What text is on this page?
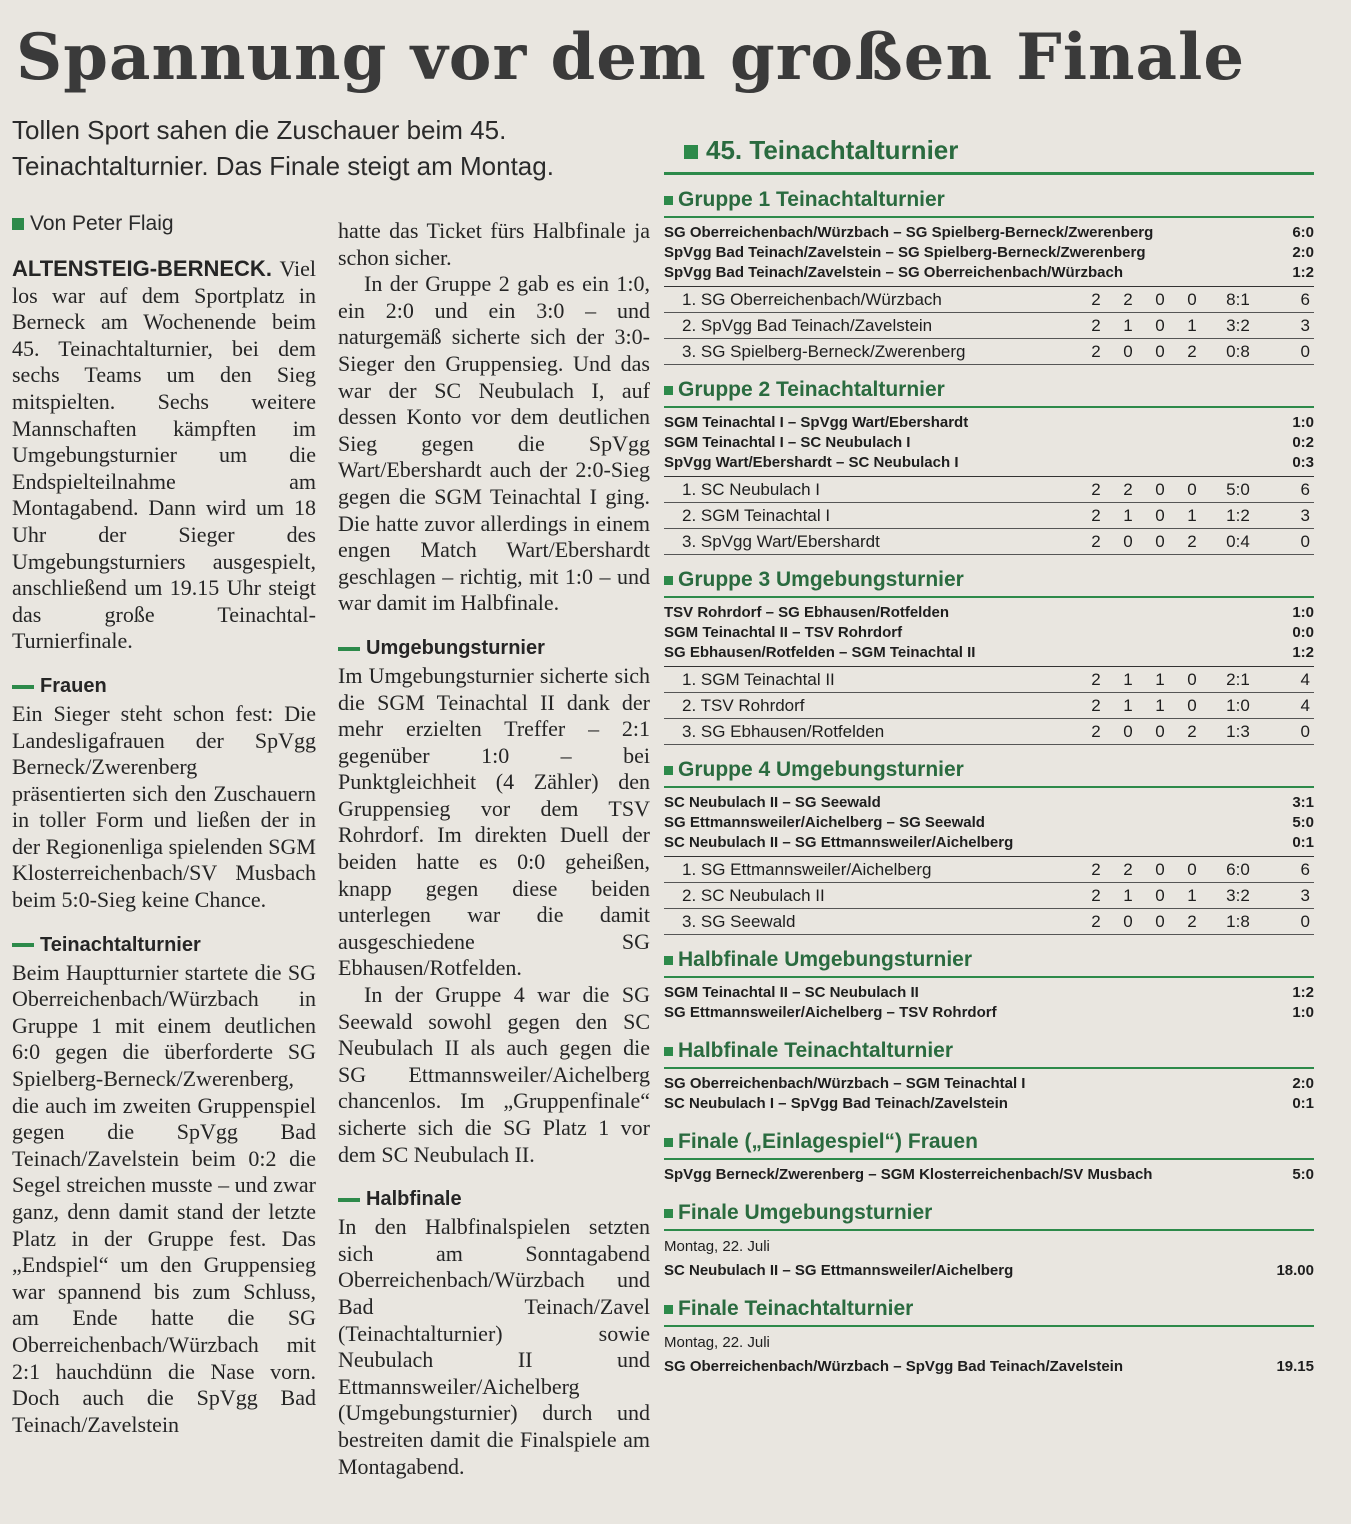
Spannung vor dem großen Finale
Tollen Sport sahen die Zuschauer beim 45. Teinachtalturnier. Das Finale steigt am Montag.
Von Peter Flaig

ALTENSTEIG-BERNECK. Viel los war auf dem Sportplatz in Berneck am Wochenende beim 45. Teinachtalturnier, bei dem sechs Teams um den Sieg mitspielten. Sechs weitere Mannschaften kämpften im Umgebungsturnier um die Endspielteilnahme am Montagabend. Dann wird um 18 Uhr der Sieger des Umgebungsturniers ausgespielt, anschließend um 19.15 Uhr steigt das große Teinachtal-Turnierfinale.

Frauen

Ein Sieger steht schon fest: Die Landesligafrauen der SpVgg Berneck/Zwerenberg präsentierten sich den Zuschauern in toller Form und ließen der in der Regionenliga spielenden SGM Klosterreichenbach/SV Musbach beim 5:0-Sieg keine Chance.

Teinachtalturnier

Beim Hauptturnier startete die SG Oberreichenbach/Würzbach in Gruppe 1 mit einem deutlichen 6:0 gegen die überforderte SG Spielberg-Berneck/Zwerenberg, die auch im zweiten Gruppenspiel gegen die SpVgg Bad Teinach/Zavelstein beim 0:2 die Segel streichen musste – und zwar ganz, denn damit stand der letzte Platz in der Gruppe fest. Das „Endspiel“ um den Gruppensieg war spannend bis zum Schluss, am Ende hatte die SG Oberreichenbach/Würzbach mit 2:1 hauchdünn die Nase vorn. Doch auch die SpVgg Bad Teinach/Zavelstein

hatte das Ticket fürs Halbfinale ja schon sicher.

In der Gruppe 2 gab es ein 1:0, ein 2:0 und ein 3:0 – und naturgemäß sicherte sich der 3:0-Sieger den Gruppensieg. Und das war der SC Neubulach I, auf dessen Konto vor dem deutlichen Sieg gegen die SpVgg Wart/Ebershardt auch der 2:0-Sieg gegen die SGM Teinachtal I ging. Die hatte zuvor allerdings in einem engen Match Wart/Ebershardt geschlagen – richtig, mit 1:0 – und war damit im Halbfinale.

Umgebungsturnier

Im Umgebungsturnier sicherte sich die SGM Teinachtal II dank der mehr erzielten Treffer – 2:1 gegenüber 1:0 – bei Punktgleichheit (4 Zähler) den Gruppensieg vor dem TSV Rohrdorf. Im direkten Duell der beiden hatte es 0:0 geheißen, knapp gegen diese beiden unterlegen war die damit ausgeschiedene SG Ebhausen/Rotfelden.

In der Gruppe 4 war die SG Seewald sowohl gegen den SC Neubulach II als auch gegen die SG Ettmannsweiler/Aichelberg chancenlos. Im „Gruppenfinale“ sicherte sich die SG Platz 1 vor dem SC Neubulach II.

Halbfinale

In den Halbfinalspielen setzten sich am Sonntagabend Oberreichenbach/Würzbach und Bad Teinach/Zavel (Teinachtalturnier) sowie Neubulach II und Ettmannsweiler/Aichelberg (Umgebungsturnier) durch und bestreiten damit die Finalspiele am Montagabend.

45. Teinachtalturnier
Gruppe 1 Teinachtalturnier
SG Oberreichenbach/Würzbach – SG Spielberg-Berneck/Zwerenberg	6:0
SpVgg Bad Teinach/Zavelstein – SG Spielberg-Berneck/Zwerenberg	2:0
SpVgg Bad Teinach/Zavelstein – SG Oberreichenbach/Würzbach	1:2
1. SG Oberreichenbach/Würzbach	2	2	0	0	8:1	6
2. SpVgg Bad Teinach/Zavelstein	2	1	0	1	3:2	3
3. SG Spielberg-Berneck/Zwerenberg	2	0	0	2	0:8	0
Gruppe 2 Teinachtalturnier
SGM Teinachtal I – SpVgg Wart/Ebershardt	1:0
SGM Teinachtal I – SC Neubulach I	0:2
SpVgg Wart/Ebershardt – SC Neubulach I	0:3
1. SC Neubulach I	2	2	0	0	5:0	6
2. SGM Teinachtal I	2	1	0	1	1:2	3
3. SpVgg Wart/Ebershardt	2	0	0	2	0:4	0
Gruppe 3 Umgebungsturnier
TSV Rohrdorf – SG Ebhausen/Rotfelden	1:0
SGM Teinachtal II – TSV Rohrdorf	0:0
SG Ebhausen/Rotfelden – SGM Teinachtal II	1:2
1. SGM Teinachtal II	2	1	1	0	2:1	4
2. TSV Rohrdorf	2	1	1	0	1:0	4
3. SG Ebhausen/Rotfelden	2	0	0	2	1:3	0
Gruppe 4 Umgebungsturnier
SC Neubulach II – SG Seewald	3:1
SG Ettmannsweiler/Aichelberg – SG Seewald	5:0
SC Neubulach II – SG Ettmannsweiler/Aichelberg	0:1
1. SG Ettmannsweiler/Aichelberg	2	2	0	0	6:0	6
2. SC Neubulach II	2	1	0	1	3:2	3
3. SG Seewald	2	0	0	2	1:8	0
Halbfinale Umgebungsturnier
SGM Teinachtal II – SC Neubulach II	1:2
SG Ettmannsweiler/Aichelberg – TSV Rohrdorf	1:0
Halbfinale Teinachtalturnier
SG Oberreichenbach/Würzbach – SGM Teinachtal I	2:0
SC Neubulach I – SpVgg Bad Teinach/Zavelstein	0:1
Finale („Einlagespiel“) Frauen
SpVgg Berneck/Zwerenberg – SGM Klosterreichenbach/SV Musbach	5:0
Finale Umgebungsturnier
Montag, 22. Juli
SC Neubulach II – SG Ettmannsweiler/Aichelberg	18.00
Finale Teinachtalturnier
Montag, 22. Juli
SG Oberreichenbach/Würzbach – SpVgg Bad Teinach/Zavelstein	19.15
